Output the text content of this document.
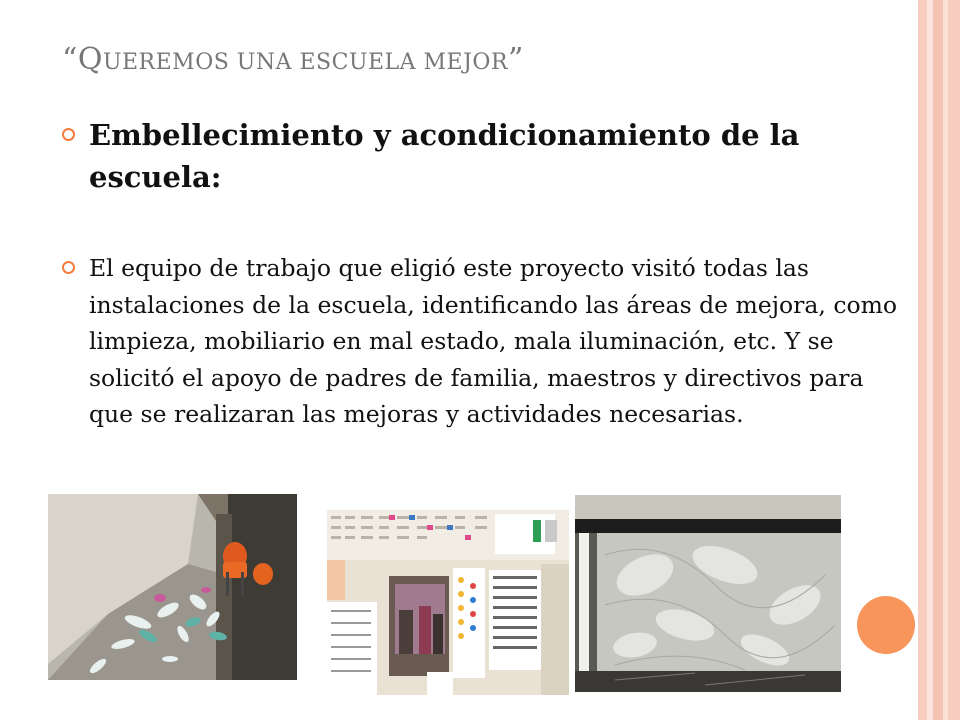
“QUEREMOS UNA ESCUELA MEJOR”
Embellecimiento y acondicionamiento de la escuela:
El equipo de trabajo que eligió este proyecto visitó todas las instalaciones de la escuela, identificando las áreas de mejora, como limpieza, mobiliario en mal estado, mala iluminación, etc. Y se solicitó el apoyo de padres de familia, maestros y directivos para que se realizaran las mejoras y actividades necesarias.
